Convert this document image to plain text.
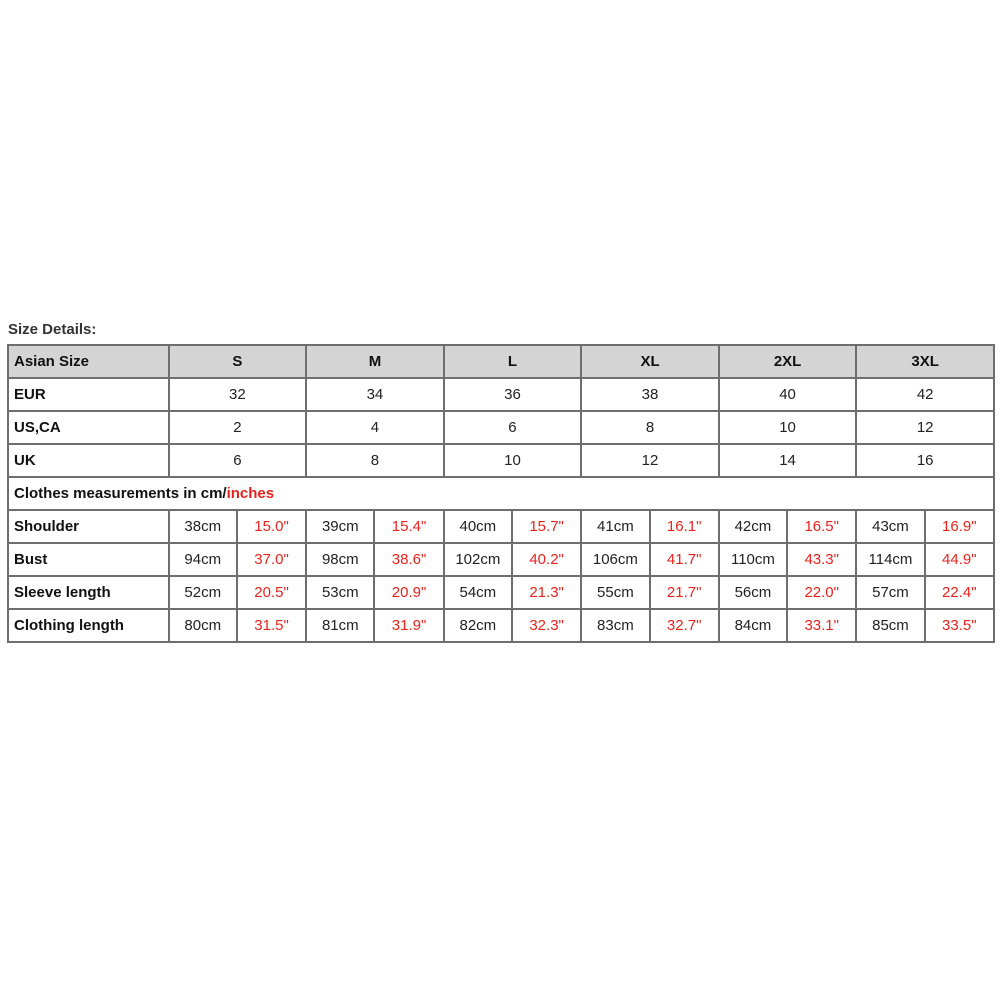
Size Details:
Asian Size	S		M		L		XL		2XL		3XL	
EUR	32		34		36		38		40		42	
US,CA	2		4		6		8		10		12	
UK	6		8		10		12		14		16	
Clothes measurements in cm/inches												
Shoulder	38cm	15.0"	39cm	15.4"	40cm	15.7"	41cm	16.1"	42cm	16.5"	43cm	16.9"
Bust	94cm	37.0"	98cm	38.6"	102cm	40.2"	106cm	41.7"	110cm	43.3"	114cm	44.9"
Sleeve length	52cm	20.5"	53cm	20.9"	54cm	21.3"	55cm	21.7"	56cm	22.0"	57cm	22.4"
Clothing length	80cm	31.5"	81cm	31.9"	82cm	32.3"	83cm	32.7"	84cm	33.1"	85cm	33.5"
